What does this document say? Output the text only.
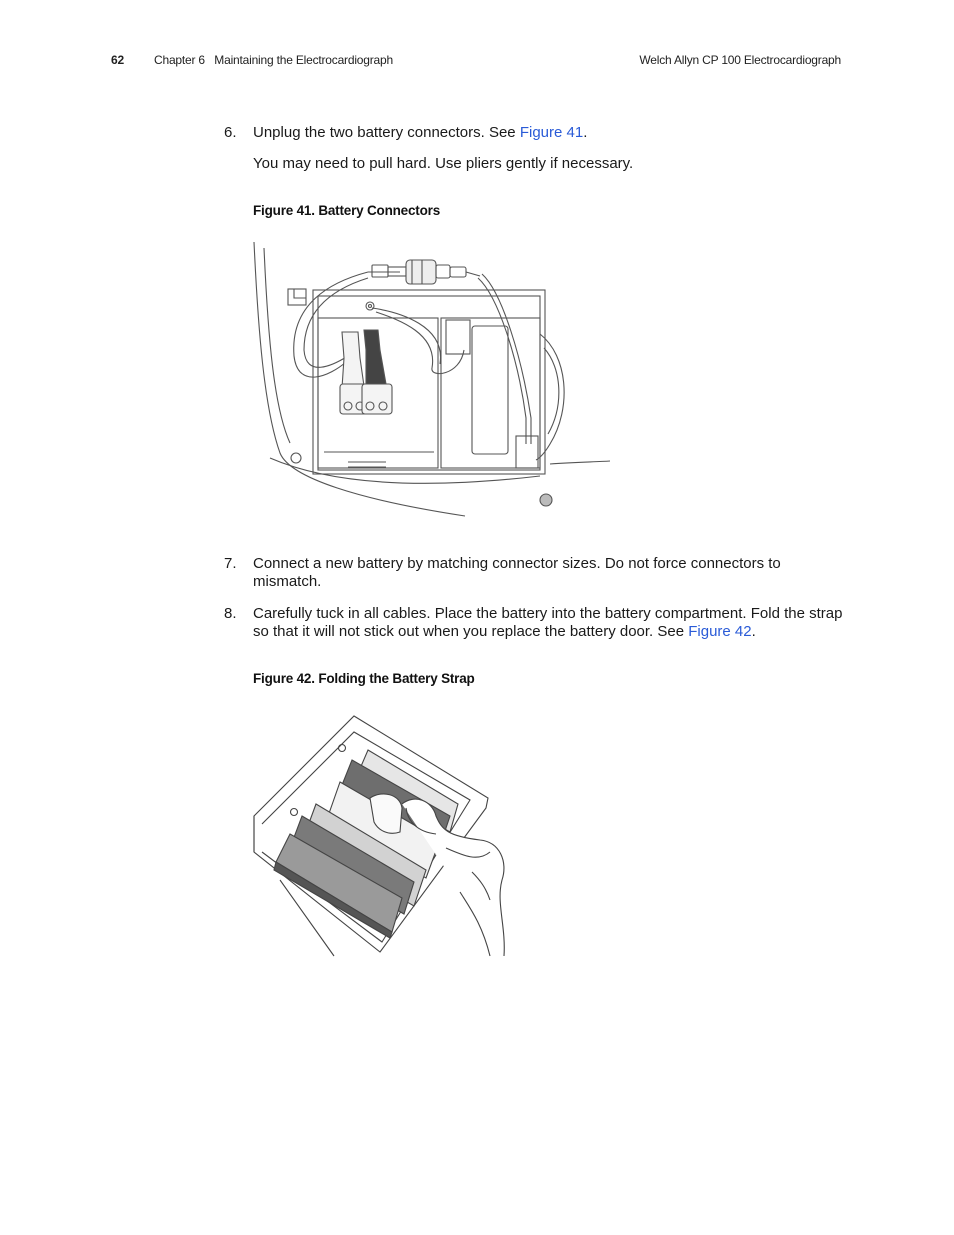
62	Chapter 6   Maintaining the Electrocardiograph	Welch Allyn CP 100 Electrocardiograph
6. Unplug the two battery connectors. See Figure 41.
You may need to pull hard. Use pliers gently if necessary.
Figure 41. Battery Connectors
7. Connect a new battery by matching connector sizes. Do not force connectors to mismatch.
8. Carefully tuck in all cables. Place the battery into the battery compartment. Fold the strap so that it will not stick out when you replace the battery door. See Figure 42.
Figure 42. Folding the Battery Strap
